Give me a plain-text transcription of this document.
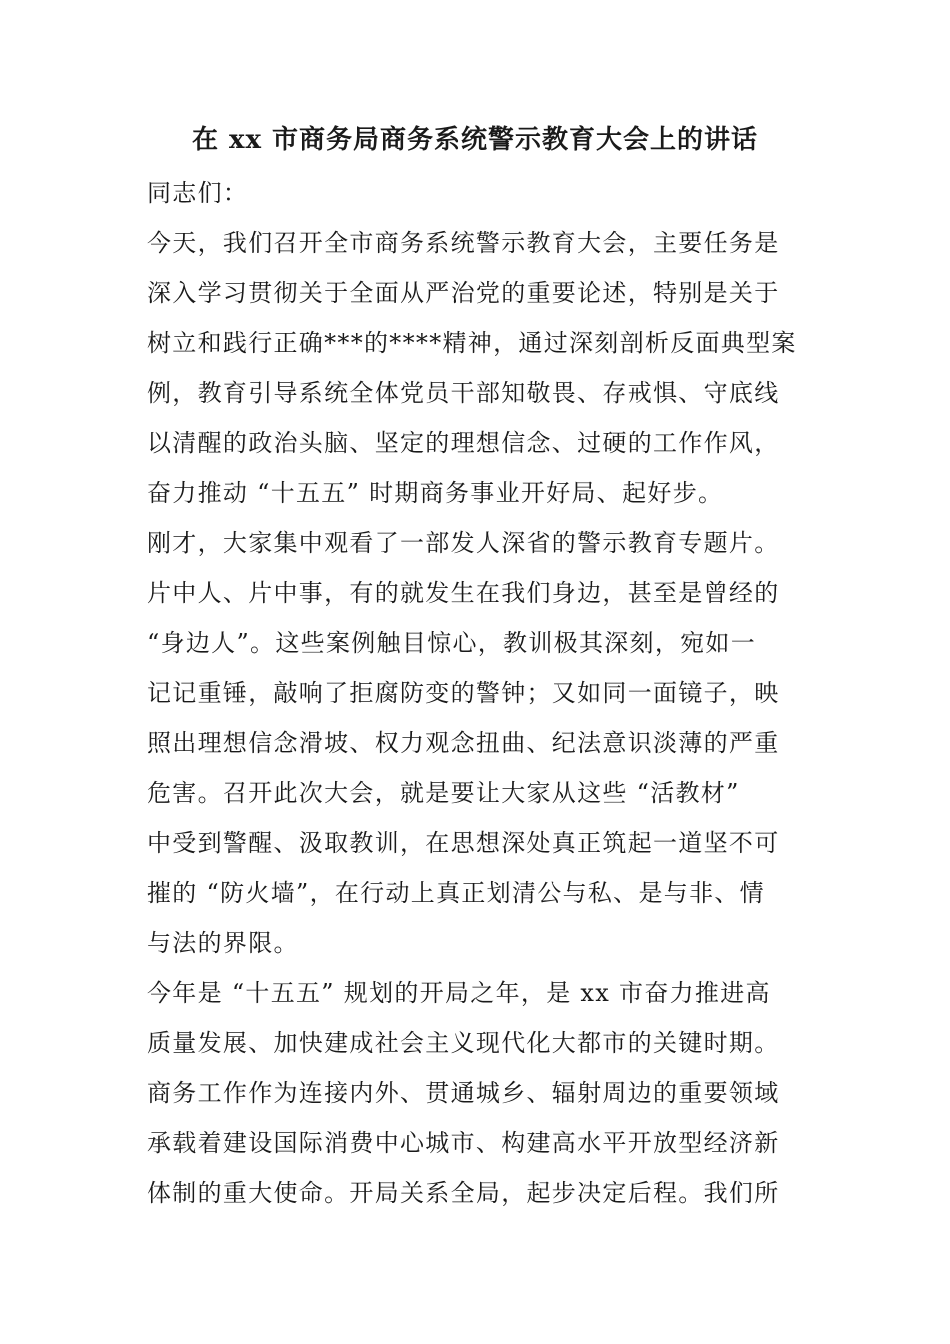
在 xx 市商务局商务系统警示教育大会上的讲话
同志们：
今天，我们召开全市商务系统警示教育大会，主要任务是
深入学习贯彻关于全面从严治党的重要论述，特别是关于
树立和践行正确***的****精神，通过深刻剖析反面典型案
例，教育引导系统全体党员干部知敬畏、存戒惧、守底线
以清醒的政治头脑、坚定的理想信念、过硬的工作作风，
奋力推动 “十五五” 时期商务事业开好局、起好步。
刚才，大家集中观看了一部发人深省的警示教育专题片。
片中人、片中事，有的就发生在我们身边，甚至是曾经的
“身边人”。这些案例触目惊心，教训极其深刻，宛如一
记记重锤，敲响了拒腐防变的警钟；又如同一面镜子，映
照出理想信念滑坡、权力观念扭曲、纪法意识淡薄的严重
危害。召开此次大会，就是要让大家从这些 “活教材”
中受到警醒、汲取教训，在思想深处真正筑起一道坚不可
摧的 “防火墙”，在行动上真正划清公与私、是与非、情
与法的界限。
今年是 “十五五” 规划的开局之年，是 xx 市奋力推进高
质量发展、加快建成社会主义现代化大都市的关键时期。
商务工作作为连接内外、贯通城乡、辐射周边的重要领域
承载着建设国际消费中心城市、构建高水平开放型经济新
体制的重大使命。开局关系全局，起步决定后程。我们所
